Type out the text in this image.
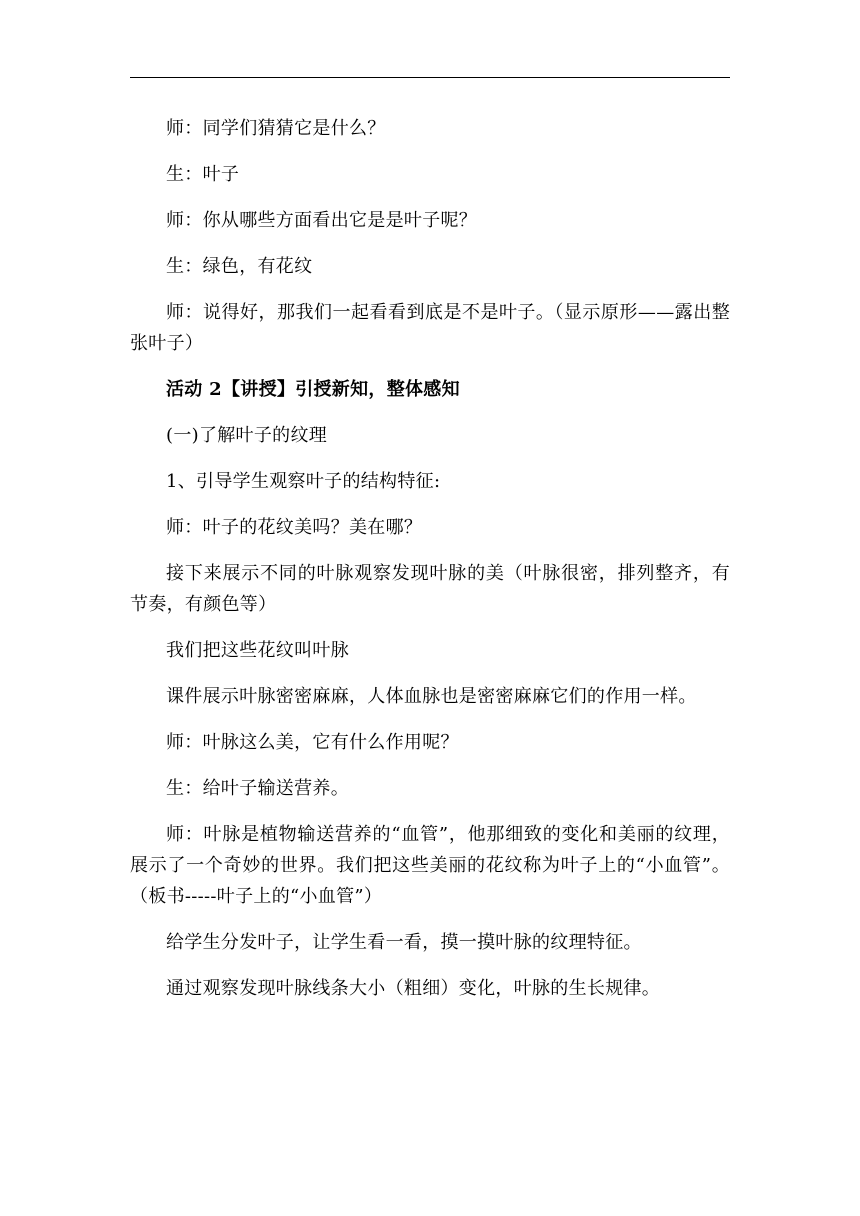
师：同学们猜猜它是什么？

生：叶子

师：你从哪些方面看出它是是叶子呢？

生：绿色，有花纹

师：说得好，那我们一起看看到底是不是叶子。（显示原形——露出整张叶子）

活动 2【讲授】引授新知，整体感知

(一)了解叶子的纹理

1、引导学生观察叶子的结构特征:

师：叶子的花纹美吗？美在哪？

接下来展示不同的叶脉观察发现叶脉的美（叶脉很密，排列整齐，有节奏，有颜色等）

我们把这些花纹叫叶脉

课件展示叶脉密密麻麻，人体血脉也是密密麻麻它们的作用一样。

师：叶脉这么美，它有什么作用呢？

生：给叶子输送营养。

师：叶脉是植物输送营养的“血管”，他那细致的变化和美丽的纹理，展示了一个奇妙的世界。我们把这些美丽的花纹称为叶子上的“小血管”。（板书-----叶子上的“小血管”）

给学生分发叶子，让学生看一看，摸一摸叶脉的纹理特征。

通过观察发现叶脉线条大小（粗细）变化，叶脉的生长规律。
